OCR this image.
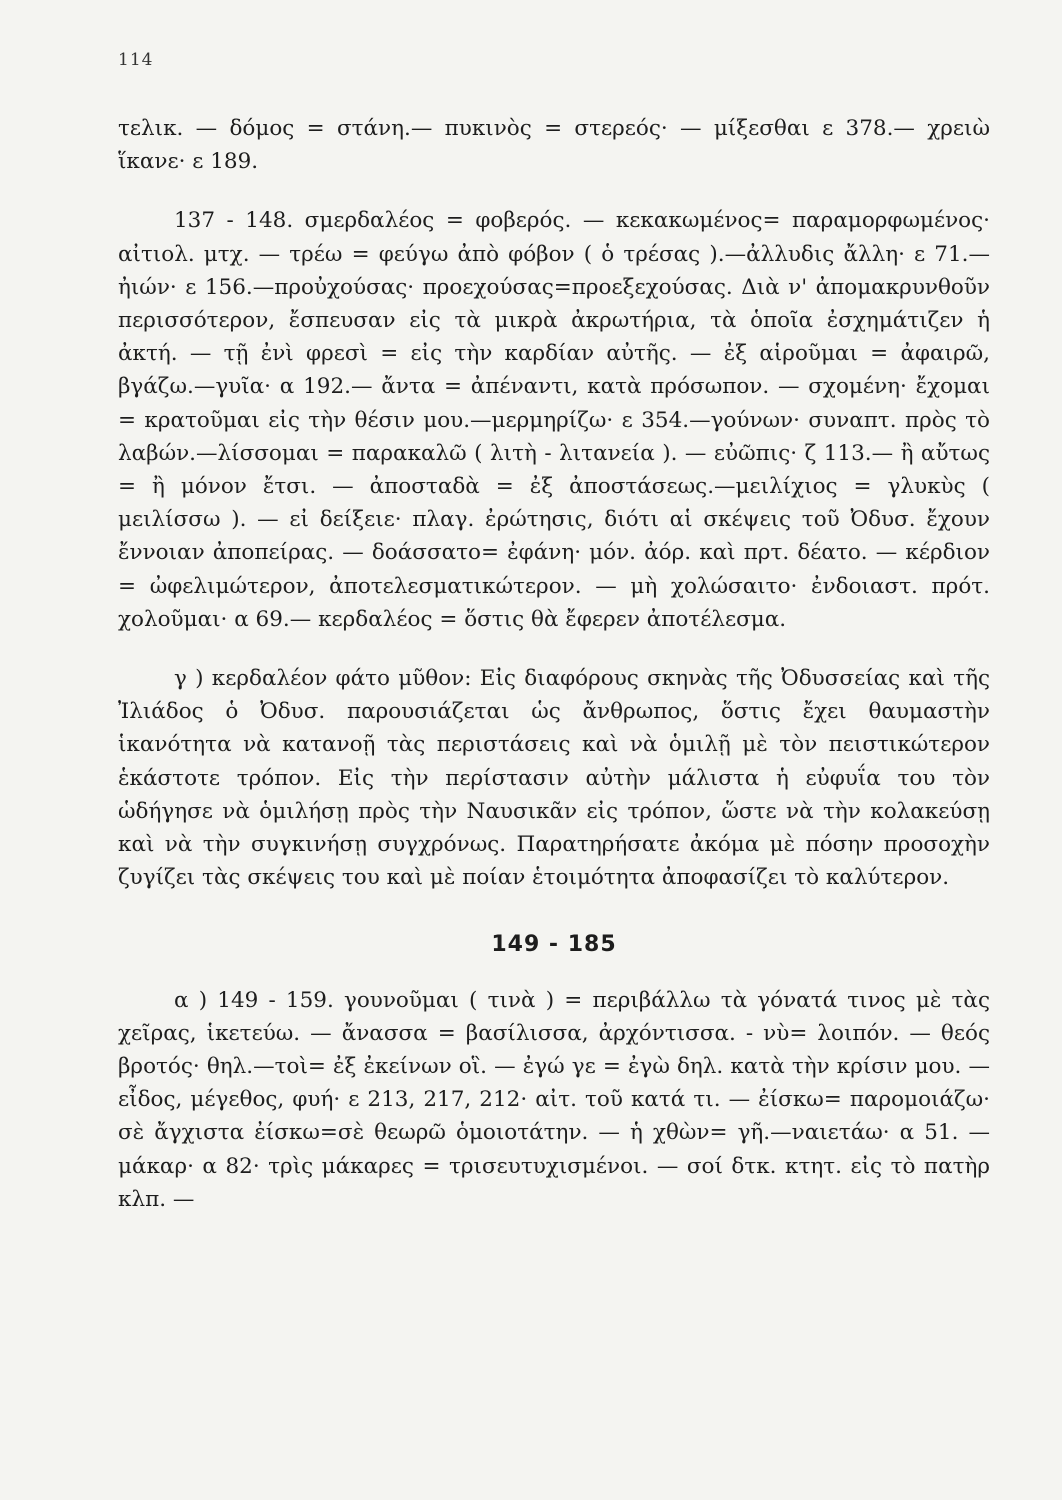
114

τελικ. — δόμος = στάνη.— πυκινὸς = στερεός· — μίξεσθαι ε 378.— χρειὼ ἵκανε· ε 189.

137 - 148. σμερδαλέος = φοβερός. — κεκακωμένος= παραμορφωμένος· αἰτιολ. μτχ. — τρέω = φεύγω ἀπὸ φόβον ( ὁ τρέσας ).—ἀλλυδις ἄλλη· ε 71.—ἠιών· ε 156.—προὐχούσας· προεχούσας=προεξεχούσας. Διὰ ν' ἀπομακρυνθοῦν περισσότερον, ἔσπευσαν εἰς τὰ μικρὰ ἀκρωτήρια, τὰ ὁποῖα ἐσχημάτιζεν ἡ ἀκτή. — τῇ ἐνὶ φρεσὶ = εἰς τὴν καρδίαν αὐτῆς. — ἐξ αἱροῦμαι = ἀφαιρῶ, βγάζω.—γυῖα· α 192.— ἄντα = ἀπέναντι, κατὰ πρόσωπον. — σχομένη· ἔχομαι = κρατοῦμαι εἰς τὴν θέσιν μου.—μερμηρίζω· ε 354.—γούνων· συναπτ. πρὸς τὸ λαβών.—λίσσομαι = παρακαλῶ ( λιτὴ - λιτανεία ). — εὐῶπις· ζ 113.— ἢ αὔτως = ἢ μόνον ἔτσι. — ἀποσταδὰ = ἐξ ἀποστάσεως.—μειλίχιος = γλυκὺς ( μειλίσσω ). — εἰ δείξειε· πλαγ. ἐρώτησις, διότι αἱ σκέψεις τοῦ Ὀδυσ. ἔχουν ἔννοιαν ἀποπείρας. — δοάσσατο= ἐφάνη· μόν. ἀόρ. καὶ πρτ. δέατο. — κέρδιον = ὠφελιμώτερον, ἀποτελεσματικώτερον. — μὴ χολώσαιτο· ἐνδοιαστ. πρότ. χολοῦμαι· α 69.— κερδαλέος = ὅστις θὰ ἔφερεν ἀποτέλεσμα.

γ ) κερδαλέον φάτο μῦθον: Εἰς διαφόρους σκηνὰς τῆς Ὀδυσσείας καὶ τῆς Ἰλιάδος ὁ Ὀδυσ. παρουσιάζεται ὡς ἄνθρωπος, ὅστις ἔχει θαυμαστὴν ἱκανότητα νὰ κατανοῇ τὰς περιστάσεις καὶ νὰ ὁμιλῇ μὲ τὸν πειστικώτερον ἑκάστοτε τρόπον. Εἰς τὴν περίστασιν αὐτὴν μάλιστα ἡ εὐφυΐα του τὸν ὡδήγησε νὰ ὁμιλήσῃ πρὸς τὴν Ναυσικᾶν εἰς τρόπον, ὥστε νὰ τὴν κολακεύσῃ καὶ νὰ τὴν συγκινήσῃ συγχρόνως. Παρατηρήσατε ἀκόμα μὲ πόσην προσοχὴν ζυγίζει τὰς σκέψεις του καὶ μὲ ποίαν ἑτοιμότητα ἀποφασίζει τὸ καλύτερον.

149 - 185

α ) 149 - 159. γουνοῦμαι ( τινὰ ) = περιβάλλω τὰ γόνατά τινος μὲ τὰς χεῖρας, ἱκετεύω. — ἄνασσα = βασίλισσα, ἀρχόντισσα. - νὺ= λοιπόν. — θεός βροτός· θηλ.—τοὶ= ἐξ ἐκείνων οἳ. — ἐγώ γε = ἐγὼ δηλ. κατὰ τὴν κρίσιν μου. — εἶδος, μέγεθος, φυή· ε 213, 217, 212· αἰτ. τοῦ κατά τι. — ἐίσκω= παρομοιάζω· σὲ ἄγχιστα ἐίσκω=σὲ θεωρῶ ὁμοιοτάτην. — ἡ χθὼν= γῆ.—ναιετάω· α 51. — μάκαρ· α 82· τρὶς μάκαρες = τρισευτυχισμένοι. — σοί δτκ. κτητ. εἰς τὸ πατὴρ κλπ. —
